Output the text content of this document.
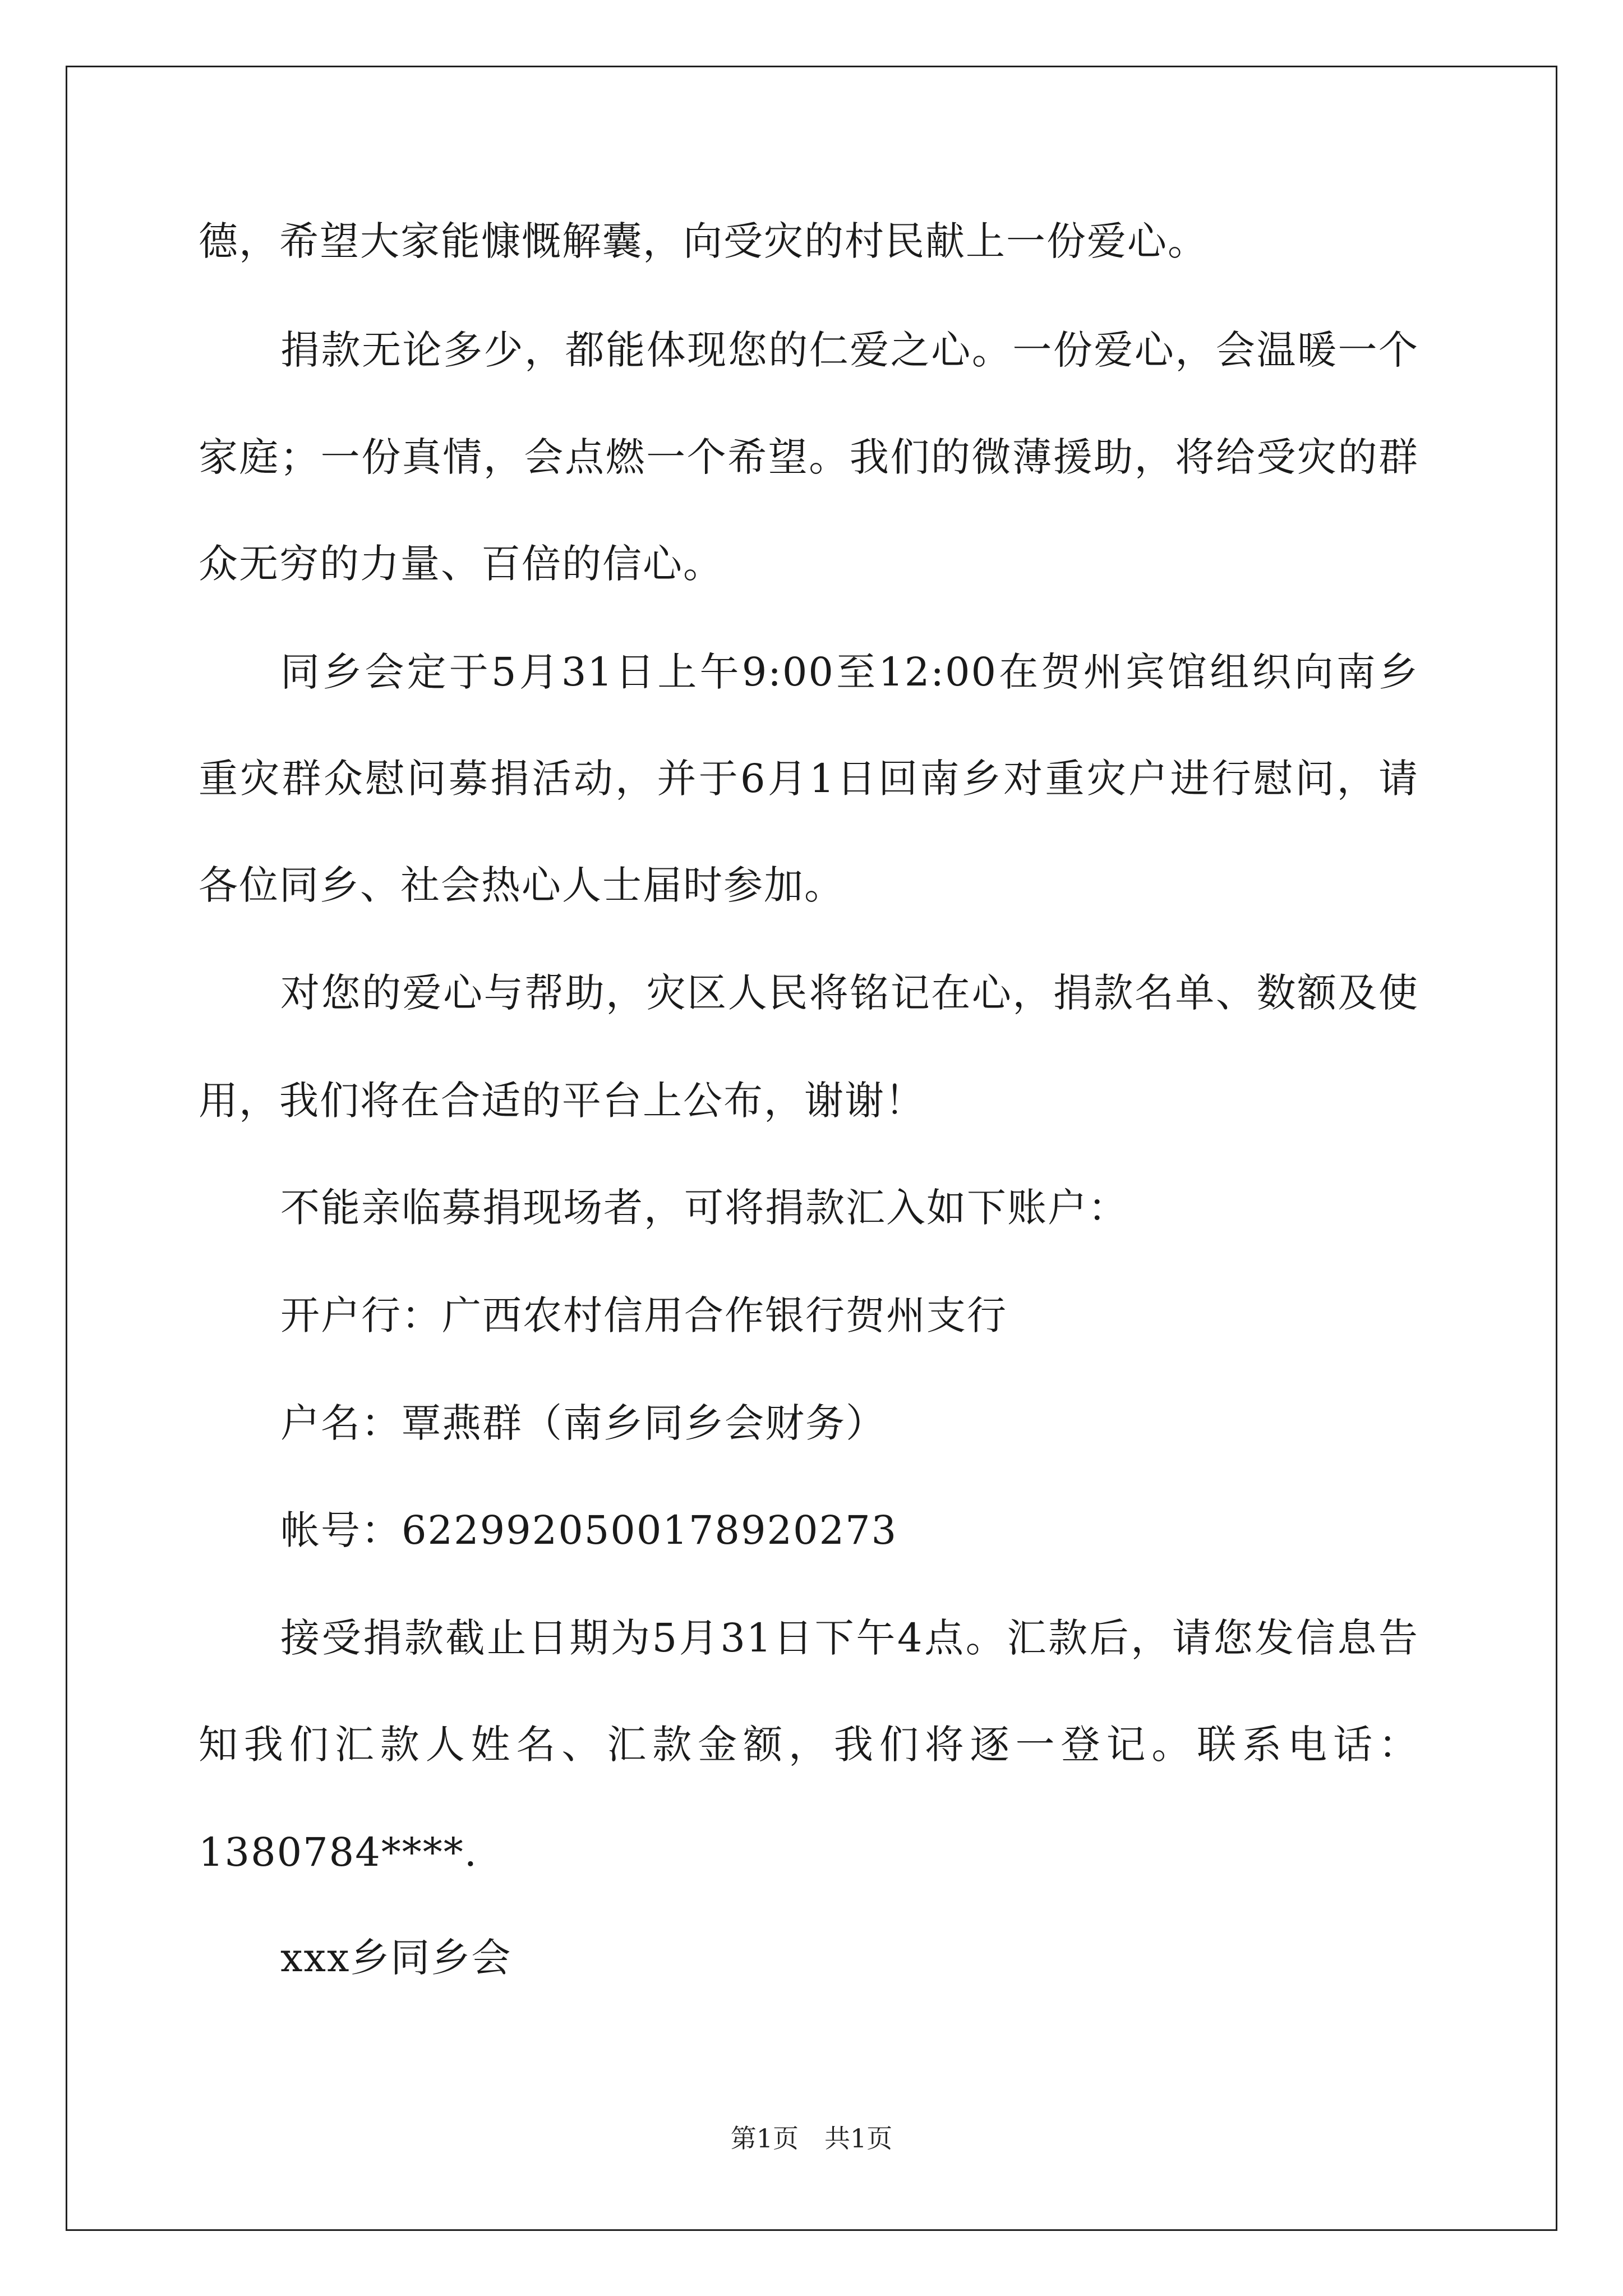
德，希望大家能慷慨解囊，向受灾的村民献上一份爱心。
捐款无论多少，都能体现您的仁爱之心。一份爱心，会温暖一个
家庭；一份真情，会点燃一个希望。我们的微薄援助，将给受灾的群
众无穷的力量、百倍的信心。
同乡会定于5月31日上午9:00至12:00在贺州宾馆组织向南乡
重灾群众慰问募捐活动，并于6月1日回南乡对重灾户进行慰问，请
各位同乡、社会热心人士届时参加。
对您的爱心与帮助，灾区人民将铭记在心，捐款名单、数额及使
用，我们将在合适的平台上公布，谢谢！
不能亲临募捐现场者，可将捐款汇入如下账户：
开户行：广西农村信用合作银行贺州支行
户名：覃燕群（南乡同乡会财务）
帐号：6229920500178920273
接受捐款截止日期为5月31日下午4点。汇款后，请您发信息告
知我们汇款人姓名、汇款金额，我们将逐一登记。联系电话：
1380784****.
xxx乡同乡会
第1页　共1页
